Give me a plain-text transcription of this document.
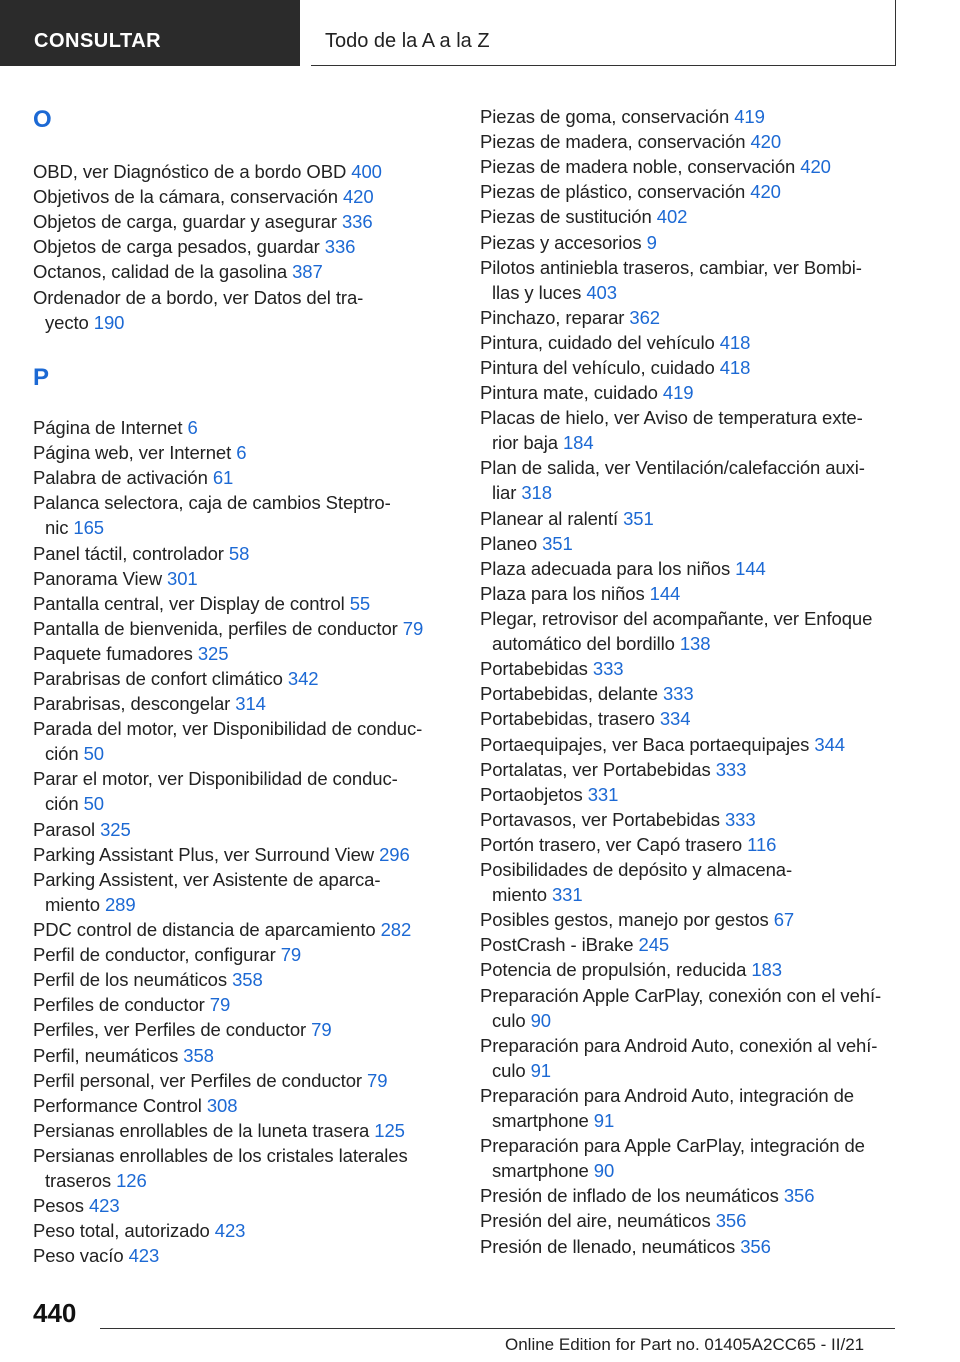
CONSULTAR	Todo de la A a la Z
O
OBD, ver Diagnóstico de a bordo OBD 400
Objetivos de la cámara, conservación 420
Objetos de carga, guardar y asegurar 336
Objetos de carga pesados, guardar 336
Octanos, calidad de la gasolina 387
Ordenador de a bordo, ver Datos del tra-

yecto 190
P
Página de Internet 6
Página web, ver Internet 6
Palabra de activación 61
Palanca selectora, caja de cambios Steptro-

nic 165
Panel táctil, controlador 58
Panorama View 301
Pantalla central, ver Display de control 55
Pantalla de bienvenida, perfiles de conductor 79
Paquete fumadores 325
Parabrisas de confort climático 342
Parabrisas, descongelar 314
Parada del motor, ver Disponibilidad de conduc-

ción 50
Parar el motor, ver Disponibilidad de conduc-

ción 50
Parasol 325
Parking Assistant Plus, ver Surround View 296
Parking Assistent, ver Asistente de aparca-

miento 289
PDC control de distancia de aparcamiento 282
Perfil de conductor, configurar 79
Perfil de los neumáticos 358
Perfiles de conductor 79
Perfiles, ver Perfiles de conductor 79
Perfil, neumáticos 358
Perfil personal, ver Perfiles de conductor 79
Performance Control 308
Persianas enrollables de la luneta trasera 125
Persianas enrollables de los cristales laterales

traseros 126
Pesos 423
Peso total, autorizado 423
Peso vacío 423
Piezas de goma, conservación 419
Piezas de madera, conservación 420
Piezas de madera noble, conservación 420
Piezas de plástico, conservación 420
Piezas de sustitución 402
Piezas y accesorios 9
Pilotos antiniebla traseros, cambiar, ver Bombi-

llas y luces 403
Pinchazo, reparar 362
Pintura, cuidado del vehículo 418
Pintura del vehículo, cuidado 418
Pintura mate, cuidado 419
Placas de hielo, ver Aviso de temperatura exte-

rior baja 184
Plan de salida, ver Ventilación/calefacción auxi-

liar 318
Planear al ralentí 351
Planeo 351
Plaza adecuada para los niños 144
Plaza para los niños 144
Plegar, retrovisor del acompañante, ver Enfoque

automático del bordillo 138
Portabebidas 333
Portabebidas, delante 333
Portabebidas, trasero 334
Portaequipajes, ver Baca portaequipajes 344
Portalatas, ver Portabebidas 333
Portaobjetos 331
Portavasos, ver Portabebidas 333
Portón trasero, ver Capó trasero 116
Posibilidades de depósito y almacena-

miento 331
Posibles gestos, manejo por gestos 67
PostCrash - iBrake 245
Potencia de propulsión, reducida 183
Preparación Apple CarPlay, conexión con el vehí-

culo 90
Preparación para Android Auto, conexión al vehí-

culo 91
Preparación para Android Auto, integración de

smartphone 91
Preparación para Apple CarPlay, integración de

smartphone 90
Presión de inflado de los neumáticos 356
Presión del aire, neumáticos 356
Presión de llenado, neumáticos 356
440
Online Edition for Part no. 01405A2CC65 - II/21
